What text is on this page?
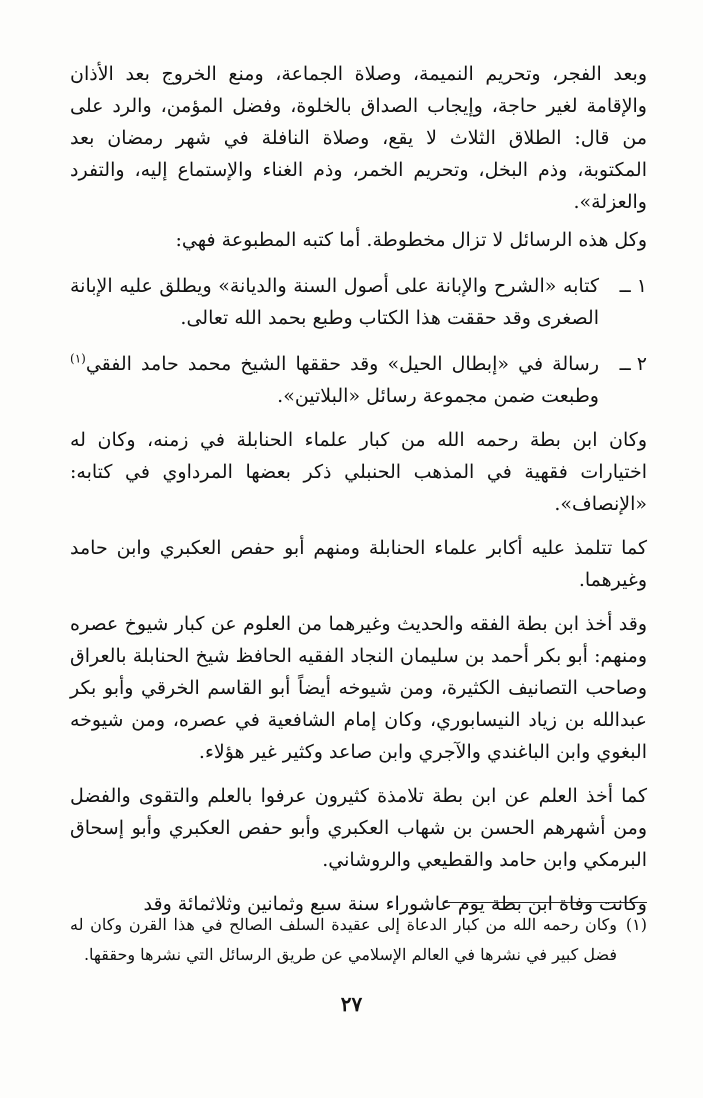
وبعد الفجر، وتحريم النميمة، وصلاة الجماعة، ومنع الخروج بعد الأذان والإقامة لغير حاجة، وإيجاب الصداق بالخلوة، وفضل المؤمن، والرد على من قال: الطلاق الثلاث لا يقع، وصلاة النافلة في شهر رمضان بعد المكتوبة، وذم البخل، وتحريم الخمر، وذم الغناء والإستماع إليه، والتفرد والعزلة».

وكل هذه الرسائل لا تزال مخطوطة. أما كتبه المطبوعة فهي:

١ ــ
كتابه «الشرح والإبانة على أصول السنة والديانة» ويطلق عليه الإبانة الصغرى وقد حققت هذا الكتاب وطبع بحمد الله تعالى.
٢ ــ
رسالة في «إبطال الحيل» وقد حققها الشيخ محمد حامد الفقي$^{(١)}$ وطبعت ضمن مجموعة رسائل «البلاتين».

وكان ابن بطة رحمه الله من كبار علماء الحنابلة في زمنه، وكان له اختيارات فقهية في المذهب الحنبلي ذكر بعضها المرداوي في كتابه: «الإنصاف».

كما تتلمذ عليه أكابر علماء الحنابلة ومنهم أبو حفص العكبري وابن حامد وغيرهما.

وقد أخذ ابن بطة الفقه والحديث وغيرهما من العلوم عن كبار شيوخ عصره ومنهم: أبو بكر أحمد بن سليمان النجاد الفقيه الحافظ شيخ الحنابلة بالعراق وصاحب التصانيف الكثيرة، ومن شيوخه أيضاً أبو القاسم الخرقي وأبو بكر عبدالله بن زياد النيسابوري، وكان إمام الشافعية في عصره، ومن شيوخه البغوي وابن الباغندي والآجري وابن صاعد وكثير غير هؤلاء.

كما أخذ العلم عن ابن بطة تلامذة كثيرون عرفوا بالعلم والتقوى والفضل ومن أشهرهم الحسن بن شهاب العكبري وأبو حفص العكبري وأبو إسحاق البرمكي وابن حامد والقطيعي والروشاني.

وكانت وفاة ابن بطة يوم عاشوراء سنة سبع وثمانين وثلاثمائة وقد

(١)
وكان رحمه الله من كبار الدعاة إلى عقيدة السلف الصالح في هذا القرن وكان له فضل كبير في نشرها في العالم الإسلامي عن طريق الرسائل التي نشرها وحققها.
٢٧
